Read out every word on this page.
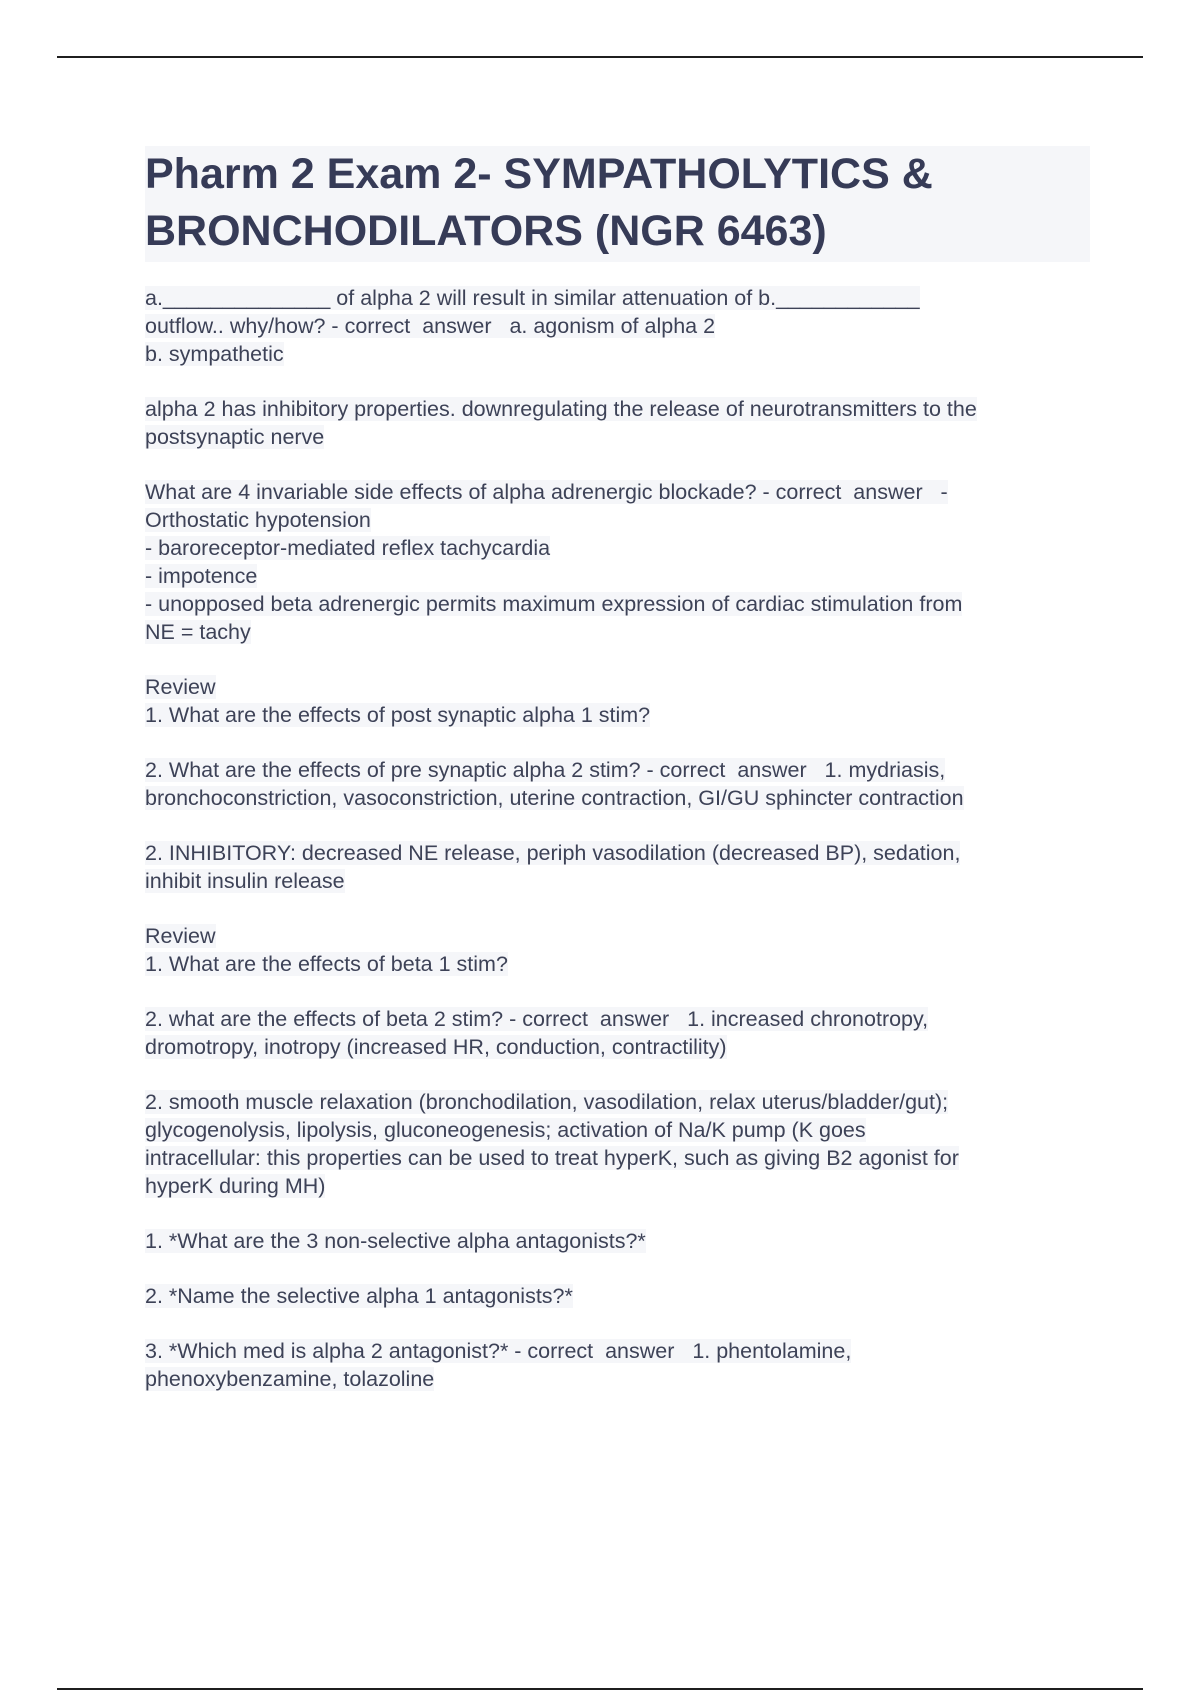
Pharm 2 Exam 2- SYMPATHOLYTICS &
BRONCHODILATORS (NGR 6463)
a.______________ of alpha 2 will result in similar attenuation of b.____________
outflow.. why/how? - correct  answer   a. agonism of alpha 2
b. sympathetic
alpha 2 has inhibitory properties. downregulating the release of neurotransmitters to the
postsynaptic nerve
What are 4 invariable side effects of alpha adrenergic blockade? - correct  answer   -
Orthostatic hypotension
- baroreceptor-mediated reflex tachycardia
- impotence
- unopposed beta adrenergic permits maximum expression of cardiac stimulation from
NE = tachy
Review
1. What are the effects of post synaptic alpha 1 stim?
2. What are the effects of pre synaptic alpha 2 stim? - correct  answer   1. mydriasis,
bronchoconstriction, vasoconstriction, uterine contraction, GI/GU sphincter contraction
2. INHIBITORY: decreased NE release, periph vasodilation (decreased BP), sedation,
inhibit insulin release
Review
1. What are the effects of beta 1 stim?
2. what are the effects of beta 2 stim? - correct  answer   1. increased chronotropy,
dromotropy, inotropy (increased HR, conduction, contractility)
2. smooth muscle relaxation (bronchodilation, vasodilation, relax uterus/bladder/gut);
glycogenolysis, lipolysis, gluconeogenesis; activation of Na/K pump (K goes
intracellular: this properties can be used to treat hyperK, such as giving B2 agonist for
hyperK during MH)
1. *What are the 3 non-selective alpha antagonists?*
2. *Name the selective alpha 1 antagonists?*
3. *Which med is alpha 2 antagonist?* - correct  answer   1. phentolamine,
phenoxybenzamine, tolazoline
